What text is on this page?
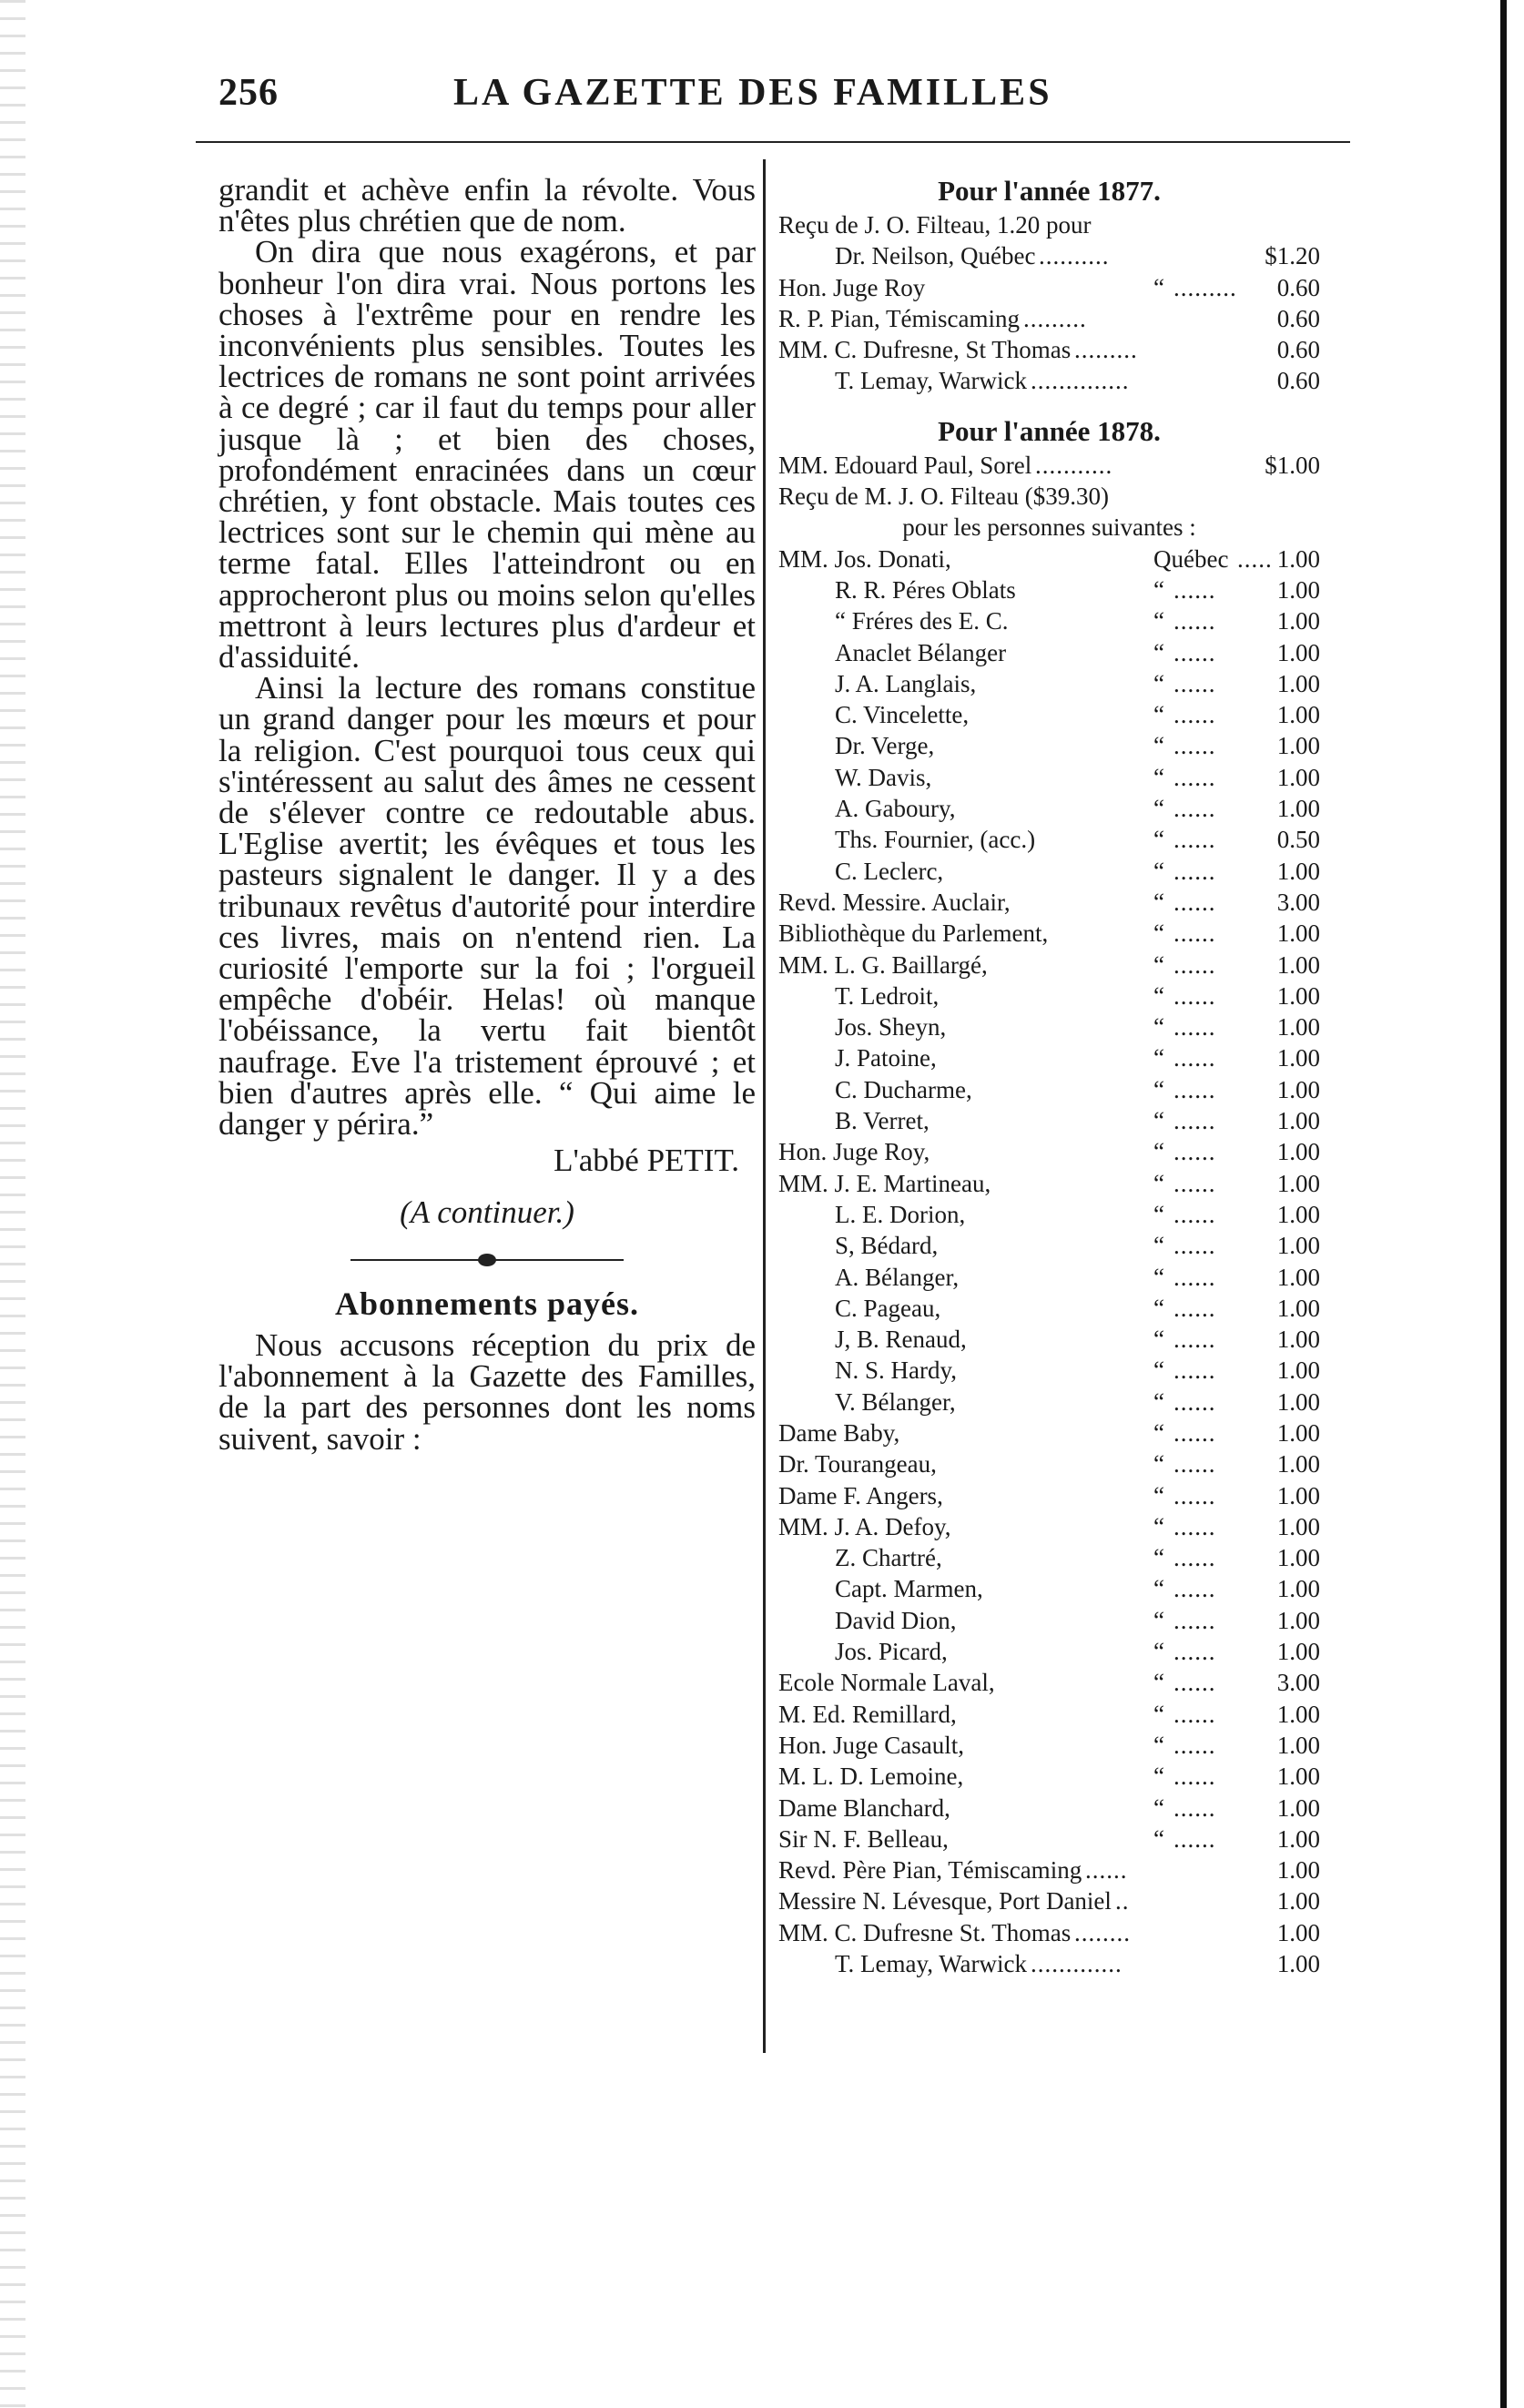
256	LA GAZETTE DES FAMILLES

grandit et achève enfin la révolte. Vous n'êtes plus chrétien que de nom.

On dira que nous exagérons, et par bonheur l'on dira vrai. Nous portons les choses à l'extrême pour en rendre les inconvénients plus sensibles. Toutes les lectrices de romans ne sont point arrivées à ce degré ; car il faut du temps pour aller jusque là ; et bien des choses, profondément enracinées dans un cœur chrétien, y font obstacle. Mais toutes ces lectrices sont sur le chemin qui mène au terme fatal. Elles l'atteindront ou en approcheront plus ou moins selon qu'elles mettront à leurs lectures plus d'ardeur et d'assiduité.

Ainsi la lecture des romans constitue un grand danger pour les mœurs et pour la religion. C'est pourquoi tous ceux qui s'intéressent au salut des âmes ne cessent de s'élever contre ce redoutable abus. L'Eglise avertit; les évêques et tous les pasteurs signalent le danger. Il y a des tribunaux revêtus d'autorité pour interdire ces livres, mais on n'entend rien. La curiosité l'emporte sur la foi ; l'orgueil empêche d'obéir. Helas! où manque l'obéissance, la vertu fait bientôt naufrage. Eve l'a tristement éprouvé ; et bien d'autres après elle. “ Qui aime le danger y périra.”

L'abbé PETIT.

(A continuer.)

Abonnements payés.

Nous accusons réception du prix de l'abonnement à la Gazette des Familles, de la part des personnes dont les noms suivent, savoir :

Pour l'année 1877.
Reçu de J. O. Filteau, 1.20 pour
Dr. Neilson, Québec ..........	$1.20
Hon. Juge Roy	“ ......... 0.60
R. P. Pian, Témiscaming .........	0.60
MM. C. Dufresne, St Thomas .........	0.60
T. Lemay, Warwick ..............	0.60
Pour l'année 1878.
MM. Edouard Paul, Sorel ...........	$1.00
Reçu de M. J. O. Filteau ($39.30)
pour les personnes suivantes :
MM. Jos. Donati,	Québec ..... 1.00
R. R. Péres Oblats	“ ...... 1.00
“ Fréres des E. C.	“ ...... 1.00
Anaclet Bélanger	“ ...... 1.00
J. A. Langlais,	“ ...... 1.00
C. Vincelette,	“ ...... 1.00
Dr. Verge,	“ ...... 1.00
W. Davis,	“ ...... 1.00
A. Gaboury,	“ ...... 1.00
Ths. Fournier, (acc.)	“ ...... 0.50
C. Leclerc,	“ ...... 1.00
Revd. Messire. Auclair,	“ ...... 3.00
Bibliothèque du Parlement,	“ ...... 1.00
MM. L. G. Baillargé,	“ ...... 1.00
T. Ledroit,	“ ...... 1.00
Jos. Sheyn,	“ ...... 1.00
J. Patoine,	“ ...... 1.00
C. Ducharme,	“ ...... 1.00
B. Verret,	“ ...... 1.00
Hon. Juge Roy,	“ ...... 1.00
MM. J. E. Martineau,	“ ...... 1.00
L. E. Dorion,	“ ...... 1.00
S, Bédard,	“ ...... 1.00
A. Bélanger,	“ ...... 1.00
C. Pageau,	“ ...... 1.00
J, B. Renaud,	“ ...... 1.00
N. S. Hardy,	“ ...... 1.00
V. Bélanger,	“ ...... 1.00
Dame Baby,	“ ...... 1.00
Dr. Tourangeau,	“ ...... 1.00
Dame F. Angers,	“ ...... 1.00
MM. J. A. Defoy,	“ ...... 1.00
Z. Chartré,	“ ...... 1.00
Capt. Marmen,	“ ...... 1.00
David Dion,	“ ...... 1.00
Jos. Picard,	“ ...... 1.00
Ecole Normale Laval,	“ ...... 3.00
M. Ed. Remillard,	“ ...... 1.00
Hon. Juge Casault,	“ ...... 1.00
M. L. D. Lemoine,	“ ...... 1.00
Dame Blanchard,	“ ...... 1.00
Sir N. F. Belleau,	“ ...... 1.00
Revd. Père Pian, Témiscaming ......	1.00
Messire N. Lévesque, Port Daniel ..	1.00
MM. C. Dufresne St. Thomas ........	1.00
T. Lemay, Warwick .............	1.00
